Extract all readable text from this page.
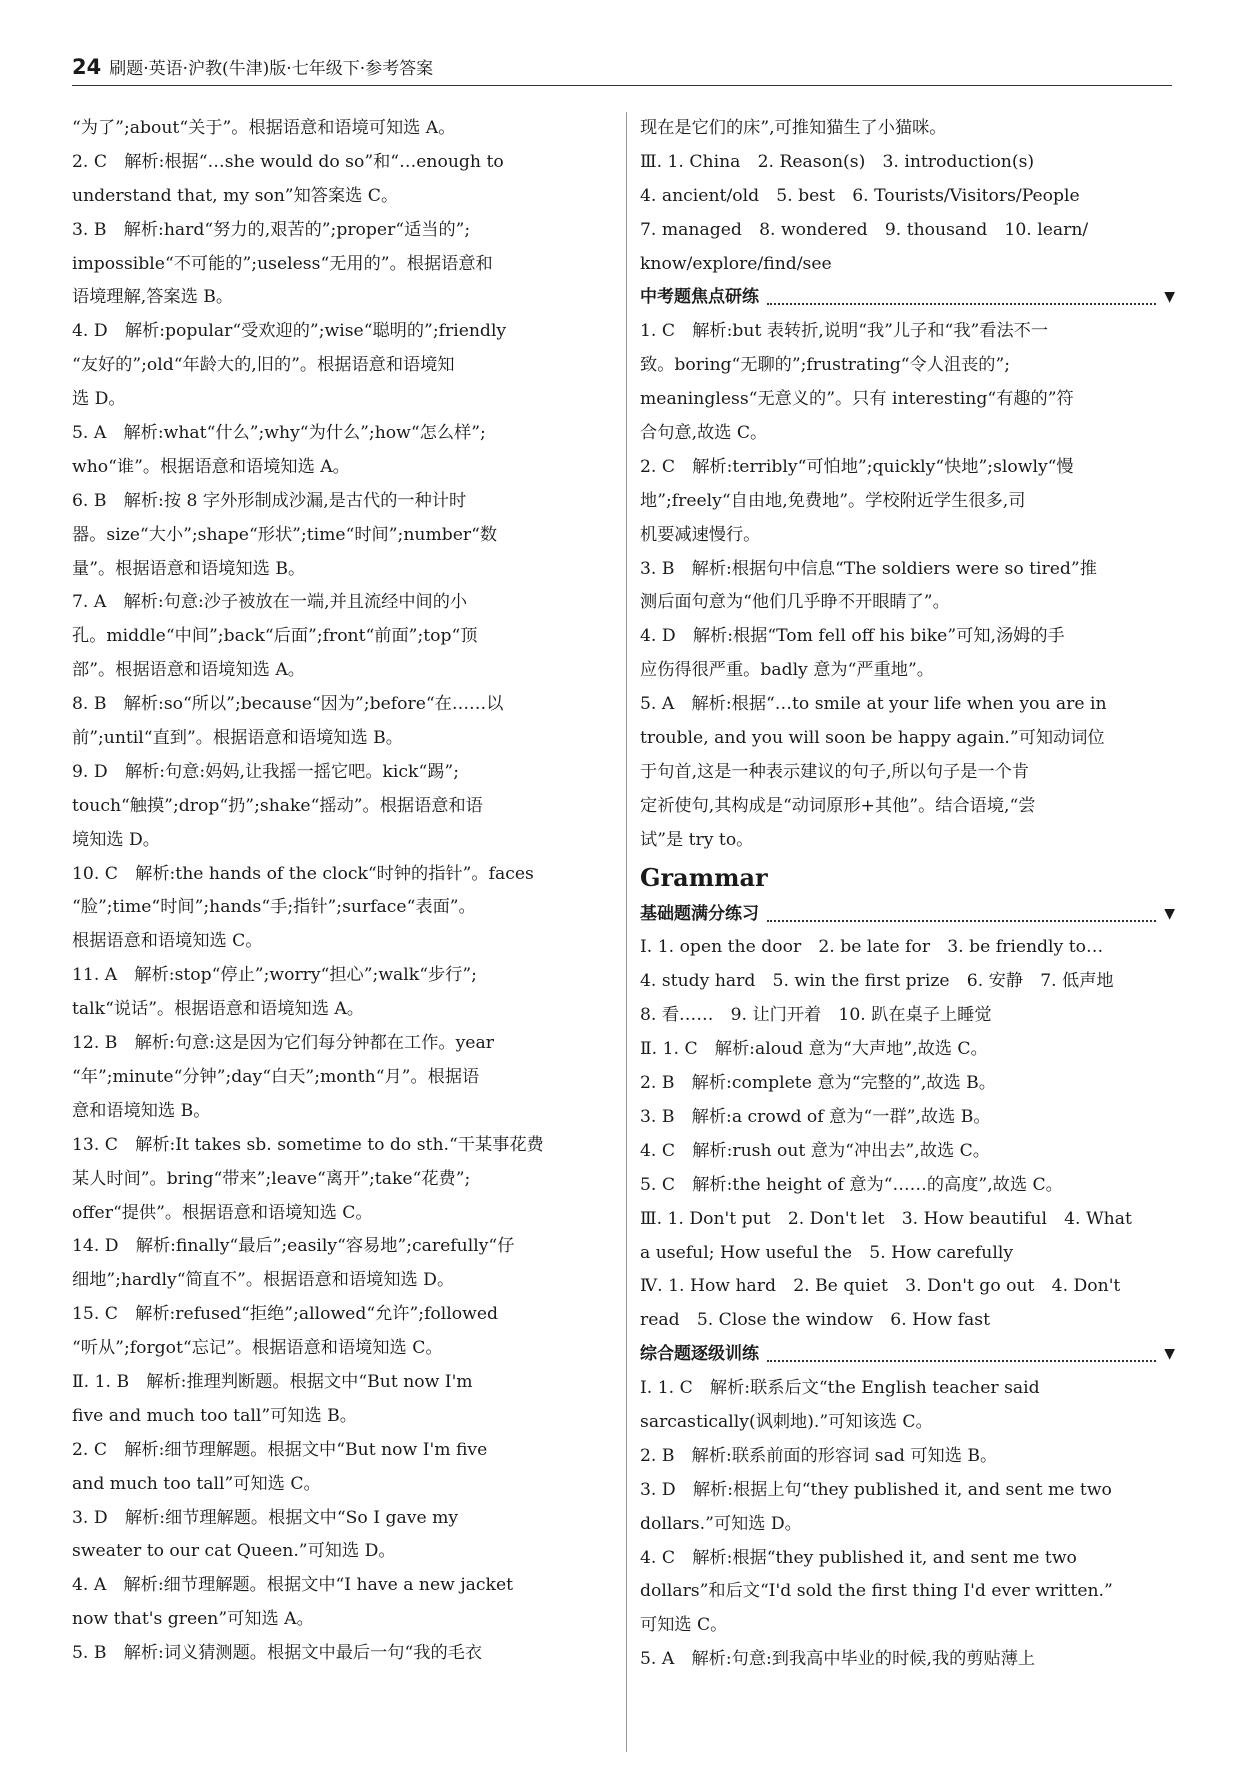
24 刷题·英语·沪教(牛津)版·七年级下·参考答案
“为了”;about“关于”。根据语意和语境可知选 A。
2. C　解析:根据“…she would do so”和“…enough to
understand that, my son”知答案选 C。
3. B　解析:hard“努力的,艰苦的”;proper“适当的”;
impossible“不可能的”;useless“无用的”。根据语意和
语境理解,答案选 B。
4. D　解析:popular“受欢迎的”;wise“聪明的”;friendly
“友好的”;old“年龄大的,旧的”。根据语意和语境知
选 D。
5. A　解析:what“什么”;why“为什么”;how“怎么样”;
who“谁”。根据语意和语境知选 A。
6. B　解析:按 8 字外形制成沙漏,是古代的一种计时
器。size“大小”;shape“形状”;time“时间”;number“数
量”。根据语意和语境知选 B。
7. A　解析:句意:沙子被放在一端,并且流经中间的小
孔。middle“中间”;back“后面”;front“前面”;top“顶
部”。根据语意和语境知选 A。
8. B　解析:so“所以”;because“因为”;before“在……以
前”;until“直到”。根据语意和语境知选 B。
9. D　解析:句意:妈妈,让我摇一摇它吧。kick“踢”;
touch“触摸”;drop“扔”;shake“摇动”。根据语意和语
境知选 D。
10. C　解析:the hands of the clock“时钟的指针”。faces
“脸”;time“时间”;hands“手;指针”;surface“表面”。
根据语意和语境知选 C。
11. A　解析:stop“停止”;worry“担心”;walk“步行”;
talk“说话”。根据语意和语境知选 A。
12. B　解析:句意:这是因为它们每分钟都在工作。year
“年”;minute“分钟”;day“白天”;month“月”。根据语
意和语境知选 B。
13. C　解析:It takes sb. sometime to do sth.“干某事花费
某人时间”。bring“带来”;leave“离开”;take“花费”;
offer“提供”。根据语意和语境知选 C。
14. D　解析:finally“最后”;easily“容易地”;carefully“仔
细地”;hardly“简直不”。根据语意和语境知选 D。
15. C　解析:refused“拒绝”;allowed“允许”;followed
“听从”;forgot“忘记”。根据语意和语境知选 C。
Ⅱ. 1. B　解析:推理判断题。根据文中“But now I'm
five and much too tall”可知选 B。
2. C　解析:细节理解题。根据文中“But now I'm five
and much too tall”可知选 C。
3. D　解析:细节理解题。根据文中“So I gave my
sweater to our cat Queen.”可知选 D。
4. A　解析:细节理解题。根据文中“I have a new jacket
now that's green”可知选 A。
5. B　解析:词义猜测题。根据文中最后一句“我的毛衣
现在是它们的床”,可推知猫生了小猫咪。
Ⅲ. 1. China　2. Reason(s)　3. introduction(s)
4. ancient/old　5. best　6. Tourists/Visitors/People
7. managed　8. wondered　9. thousand　10. learn/
know/explore/find/see
中考题焦点研练	▼
1. C　解析:but 表转折,说明“我”儿子和“我”看法不一
致。boring“无聊的”;frustrating“令人沮丧的”;
meaningless“无意义的”。只有 interesting“有趣的”符
合句意,故选 C。
2. C　解析:terribly“可怕地”;quickly“快地”;slowly“慢
地”;freely“自由地,免费地”。学校附近学生很多,司
机要减速慢行。
3. B　解析:根据句中信息“The soldiers were so tired”推
测后面句意为“他们几乎睁不开眼睛了”。
4. D　解析:根据“Tom fell off his bike”可知,汤姆的手
应伤得很严重。badly 意为“严重地”。
5. A　解析:根据“…to smile at your life when you are in
trouble, and you will soon be happy again.”可知动词位
于句首,这是一种表示建议的句子,所以句子是一个肯
定祈使句,其构成是“动词原形+其他”。结合语境,“尝
试”是 try to。
Grammar
基础题满分练习	▼
Ⅰ. 1. open the door　2. be late for　3. be friendly to…
4. study hard　5. win the first prize　6. 安静　7. 低声地
8. 看……　9. 让门开着　10. 趴在桌子上睡觉
Ⅱ. 1. C　解析:aloud 意为“大声地”,故选 C。
2. B　解析:complete 意为“完整的”,故选 B。
3. B　解析:a crowd of 意为“一群”,故选 B。
4. C　解析:rush out 意为“冲出去”,故选 C。
5. C　解析:the height of 意为“……的高度”,故选 C。
Ⅲ. 1. Don't put　2. Don't let　3. How beautiful　4. What
a useful; How useful the　5. How carefully
Ⅳ. 1. How hard　2. Be quiet　3. Don't go out　4. Don't
read　5. Close the window　6. How fast
综合题逐级训练	▼
Ⅰ. 1. C　解析:联系后文“the English teacher said
sarcastically(讽刺地).”可知该选 C。
2. B　解析:联系前面的形容词 sad 可知选 B。
3. D　解析:根据上句“they published it, and sent me two
dollars.”可知选 D。
4. C　解析:根据“they published it, and sent me two
dollars”和后文“I'd sold the first thing I'd ever written.”
可知选 C。
5. A　解析:句意:到我高中毕业的时候,我的剪贴薄上
